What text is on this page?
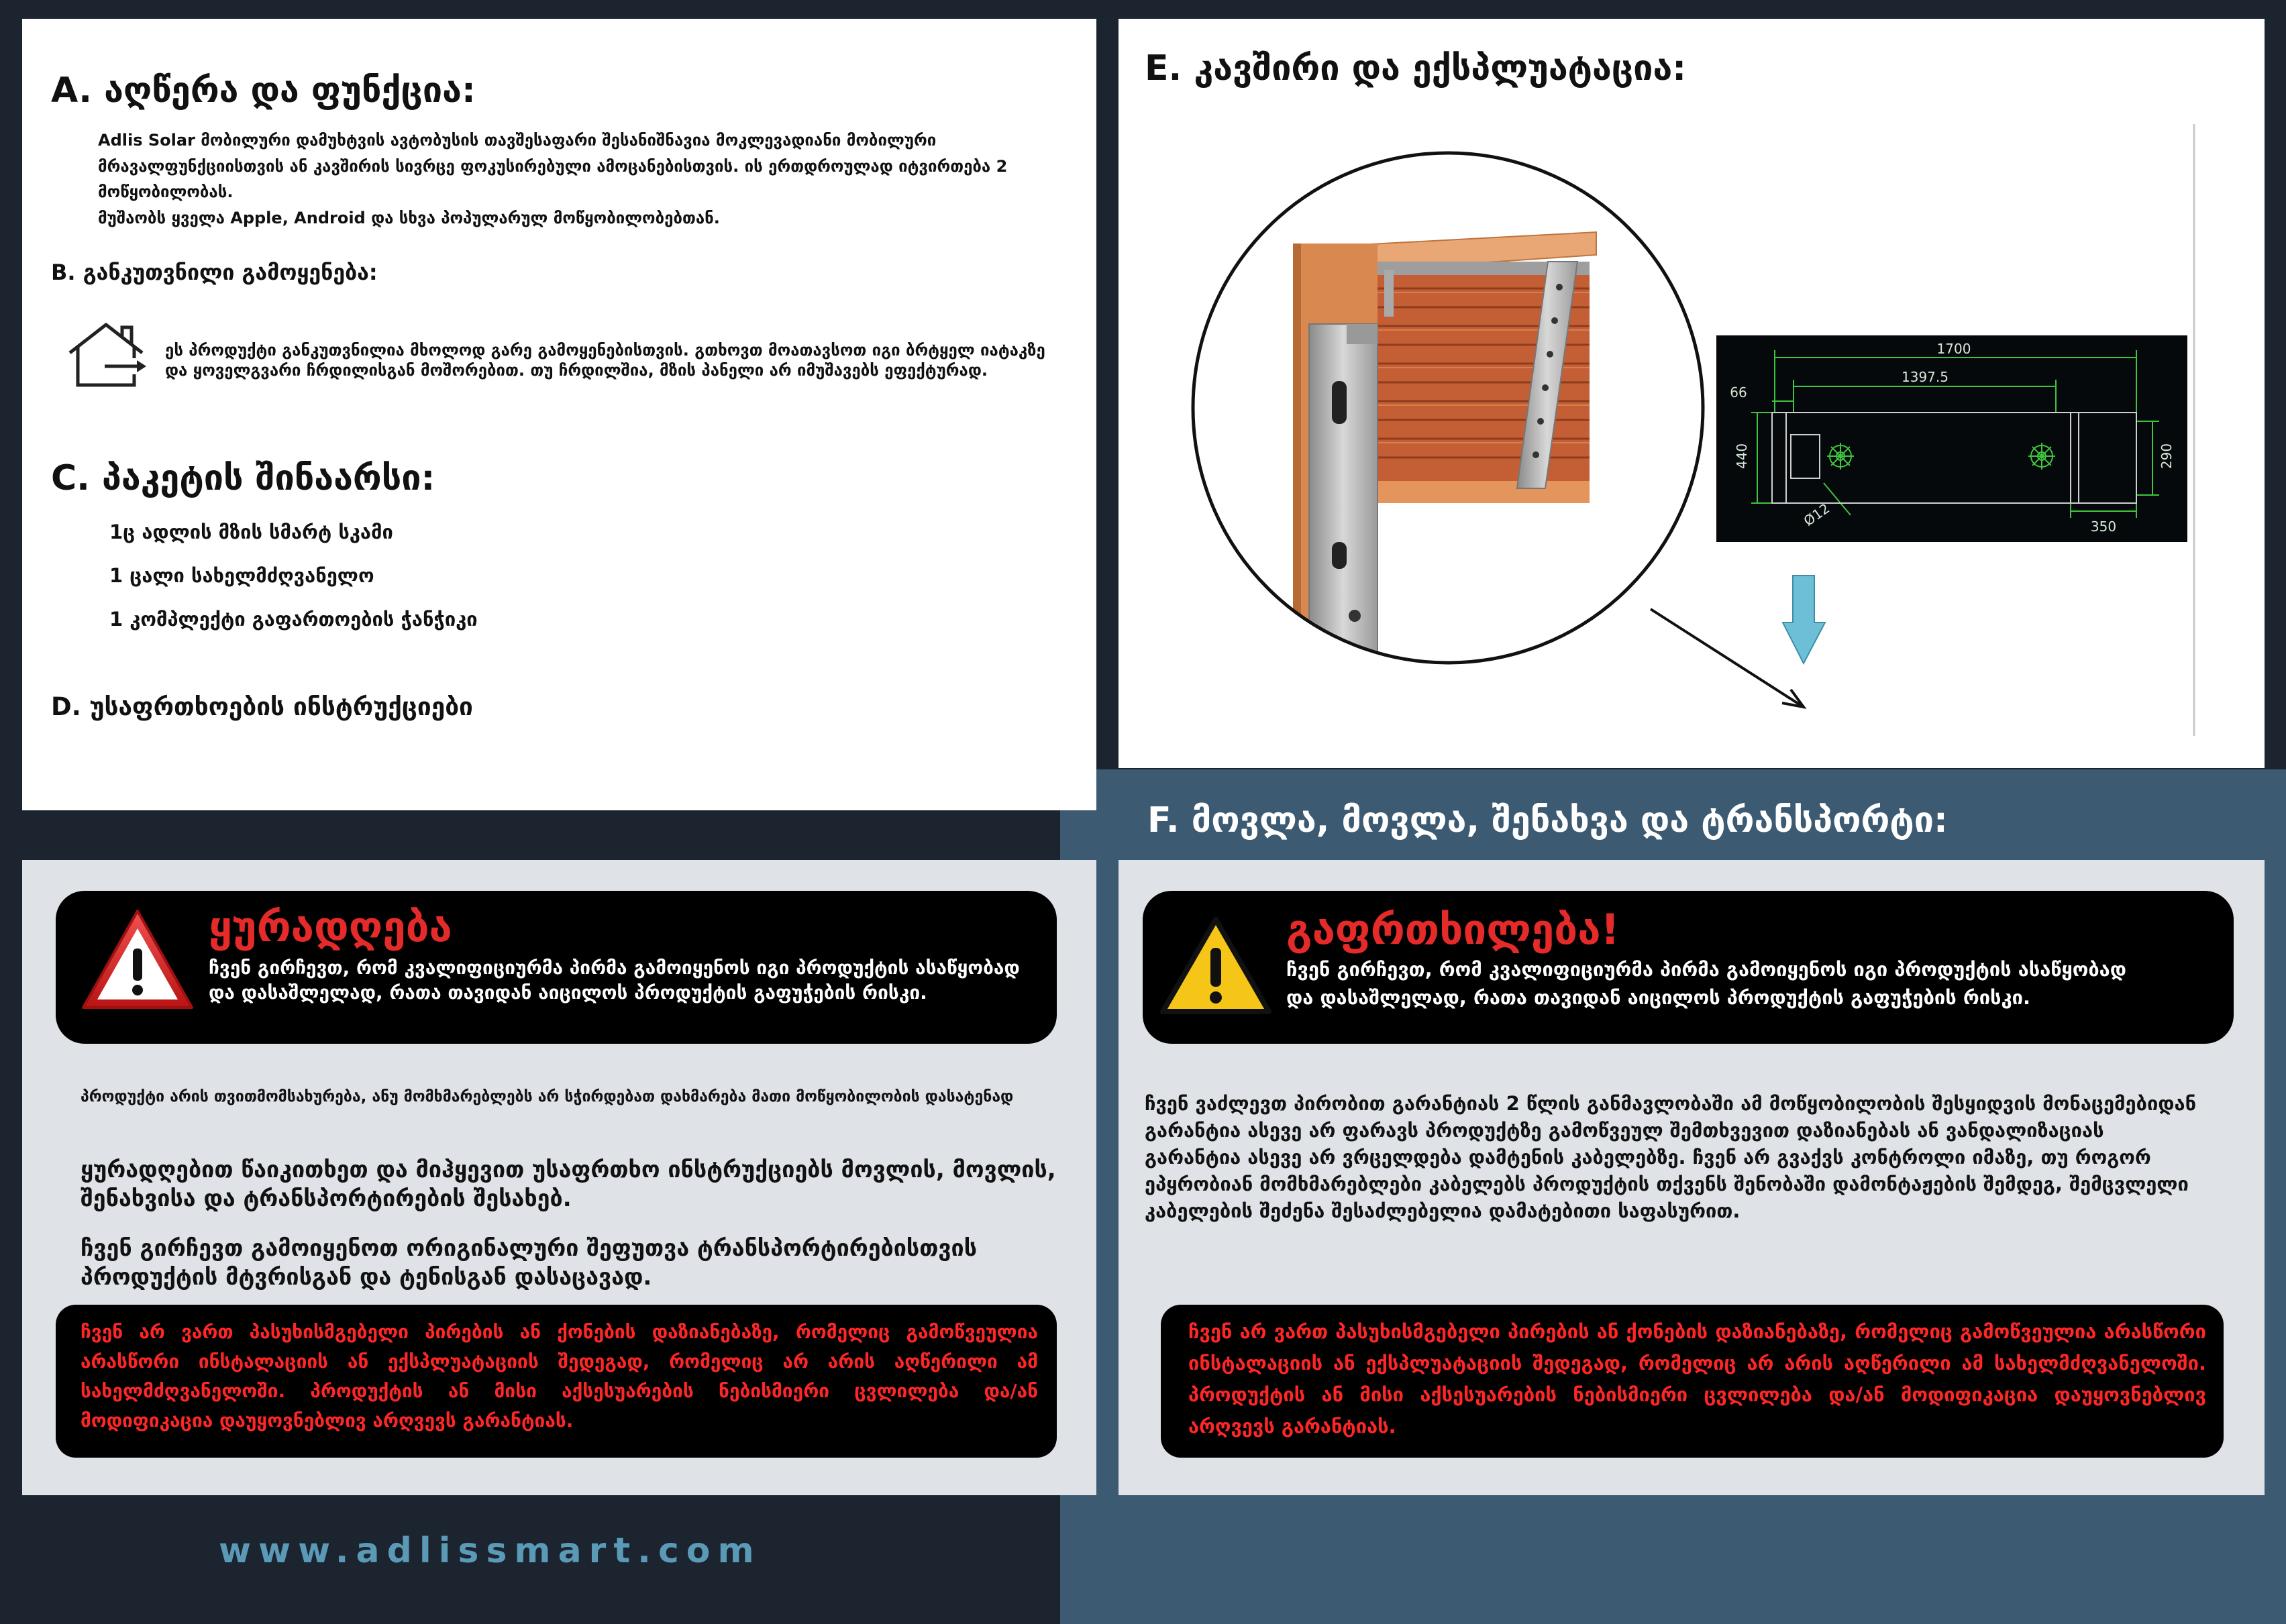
A. აღწერა და ფუნქცია:

Adlis Solar მობილური დამუხტვის ავტობუსის თავშესაფარი შესანიშნავია მოკლევადიანი მობილური მრავალფუნქციისთვის ან კავშირის სივრცე ფოკუსირებული ამოცანებისთვის. ის ერთდროულად იტვირთება 2 მოწყობილობას.

მუშაობს ყველა Apple, Android და სხვა პოპულარულ მოწყობილობებთან.

B. განკუთვნილი გამოყენება:
ეს პროდუქტი განკუთვნილია მხოლოდ გარე გამოყენებისთვის. გთხოვთ მოათავსოთ იგი ბრტყელ იატაკზე და ყოველგვარი ჩრდილისგან მოშორებით. თუ ჩრდილშია, მზის პანელი არ იმუშავებს ეფექტურად.
C. პაკეტის შინაარსი:
1ც ადლის მზის სმარტ სკამი
1 ცალი სახელმძღვანელო
1 კომპლექტი გაფართოების ჭანჭიკი
D. უსაფრთხოების ინსტრუქციები
1700
1397.5
66
440	290
350
Ø12
E. კავშირი და ექსპლუატაცია:
F. მოვლა, მოვლა, შენახვა და ტრანსპორტი:
ყურადღება
ჩვენ გირჩევთ, რომ კვალიფიციურმა პირმა გამოიყენოს იგი პროდუქტის ასაწყობად და დასაშლელად, რათა თავიდან აიცილოს პროდუქტის გაფუჭების რისკი.
პროდუქტი არის თვითმომსახურება, ანუ მომხმარებლებს არ სჭირდებათ დახმარება მათი მოწყობილობის დასატენად
ყურადღებით წაიკითხეთ და მიჰყევით უსაფრთხო ინსტრუქციებს მოვლის, მოვლის, შენახვისა და ტრანსპორტირების შესახებ.
ჩვენ გირჩევთ გამოიყენოთ ორიგინალური შეფუთვა ტრანსპორტირებისთვის პროდუქტის მტვრისგან და ტენისგან დასაცავად.
ჩვენ არ ვართ პასუხისმგებელი პირების ან ქონების დაზიანებაზე, რომელიც გამოწვეულია არასწორი ინსტალაციის ან ექსპლუატაციის შედეგად, რომელიც არ არის აღწერილი ამ სახელმძღვანელოში. პროდუქტის ან მისი აქსესუარების ნებისმიერი ცვლილება და/ან მოდიფიკაცია დაუყოვნებლივ არღვევს გარანტიას.
გაფრთხილება!
ჩვენ გირჩევთ, რომ კვალიფიციურმა პირმა გამოიყენოს იგი პროდუქტის ასაწყობად და დასაშლელად, რათა თავიდან აიცილოს პროდუქტის გაფუჭების რისკი.

ჩვენ ვაძლევთ პირობით გარანტიას 2 წლის განმავლობაში ამ მოწყობილობის შესყიდვის მონაცემებიდან

გარანტია ასევე არ ფარავს პროდუქტზე გამოწვეულ შემთხვევით დაზიანებას ან ვანდალიზაციას

გარანტია ასევე არ ვრცელდება დამტენის კაბელებზე. ჩვენ არ გვაქვს კონტროლი იმაზე, თუ როგორ ეპყრობიან მომხმარებლები კაბელებს პროდუქტის თქვენს შენობაში დამონტაჟების შემდეგ, შემცვლელი კაბელების შეძენა შესაძლებელია დამატებითი საფასურით.

ჩვენ არ ვართ პასუხისმგებელი პირების ან ქონების დაზიანებაზე, რომელიც გამოწვეულია არასწორი ინსტალაციის ან ექსპლუატაციის შედეგად, რომელიც არ არის აღწერილი ამ სახელმძღვანელოში. პროდუქტის ან მისი აქსესუარების ნებისმიერი ცვლილება და/ან მოდიფიკაცია დაუყოვნებლივ არღვევს გარანტიას.
www.adlissmart.com
